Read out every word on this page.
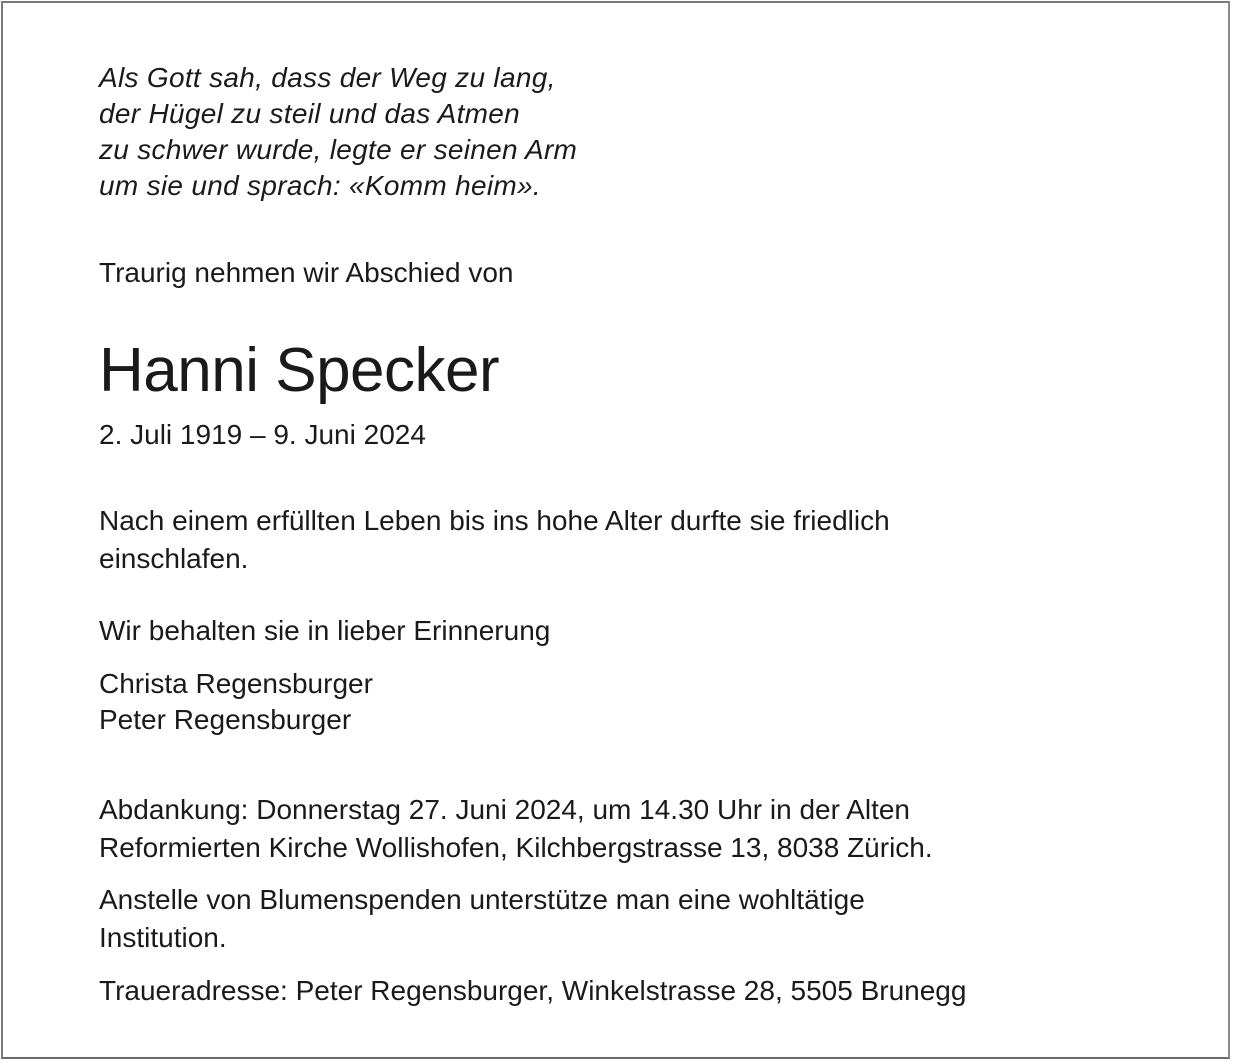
Als Gott sah, dass der Weg zu lang,
der Hügel zu steil und das Atmen
zu schwer wurde, legte er seinen Arm
um sie und sprach: «Komm heim».
Traurig nehmen wir Abschied von
Hanni Specker
2. Juli 1919 – 9. Juni 2024
Nach einem erfüllten Leben bis ins hohe Alter durfte sie friedlich
einschlafen.
Wir behalten sie in lieber Erinnerung
Christa Regensburger
Peter Regensburger
Abdankung: Donnerstag 27. Juni 2024, um 14.30 Uhr in der Alten
Reformierten Kirche Wollishofen, Kilchbergstrasse 13, 8038 Zürich.
Anstelle von Blumenspenden unterstütze man eine wohltätige
Institution.
Traueradresse: Peter Regensburger, Winkelstrasse 28, 5505 Brunegg
